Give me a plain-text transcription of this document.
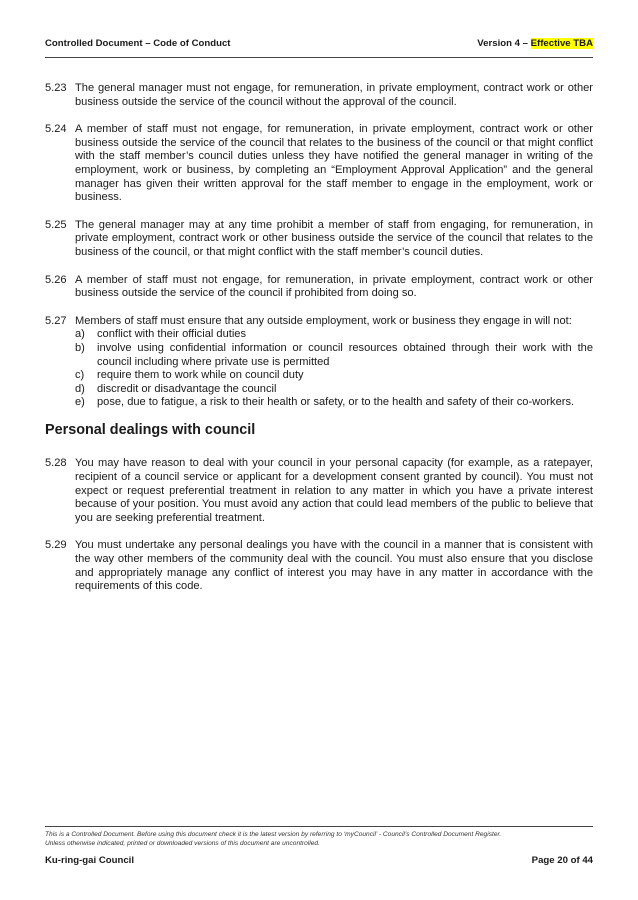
Controlled Document – Code of Conduct	Version 4 – Effective TBA
5.23 The general manager must not engage, for remuneration, in private employment, contract work or other business outside the service of the council without the approval of the council.
5.24 A member of staff must not engage, for remuneration, in private employment, contract work or other business outside the service of the council that relates to the business of the council or that might conflict with the staff member’s council duties unless they have notified the general manager in writing of the employment, work or business, by completing an “Employment Approval Application” and the general manager has given their written approval for the staff member to engage in the employment, work or business.
5.25 The general manager may at any time prohibit a member of staff from engaging, for remuneration, in private employment, contract work or other business outside the service of the council that relates to the business of the council, or that might conflict with the staff member’s council duties.
5.26 A member of staff must not engage, for remuneration, in private employment, contract work or other business outside the service of the council if prohibited from doing so.
5.27 Members of staff must ensure that any outside employment, work or business they engage in will not:
a)	conflict with their official duties
b)	involve using confidential information or council resources obtained through their work with the council including where private use is permitted
c)	require them to work while on council duty
d)	discredit or disadvantage the council
e)	pose, due to fatigue, a risk to their health or safety, or to the health and safety of their co-workers.
Personal dealings with council
5.28 You may have reason to deal with your council in your personal capacity (for example, as a ratepayer, recipient of a council service or applicant for a development consent granted by council). You must not expect or request preferential treatment in relation to any matter in which you have a private interest because of your position. You must avoid any action that could lead members of the public to believe that you are seeking preferential treatment.
5.29 You must undertake any personal dealings you have with the council in a manner that is consistent with the way other members of the community deal with the council. You must also ensure that you disclose and appropriately manage any conflict of interest you may have in any matter in accordance with the requirements of this code.
This is a Controlled Document. Before using this document check it is the latest version by referring to ‘myCouncil’ - Council’s Controlled Document Register.
Unless otherwise indicated, printed or downloaded versions of this document are uncontrolled.
Ku-ring-gai Council	Page 20 of 44
